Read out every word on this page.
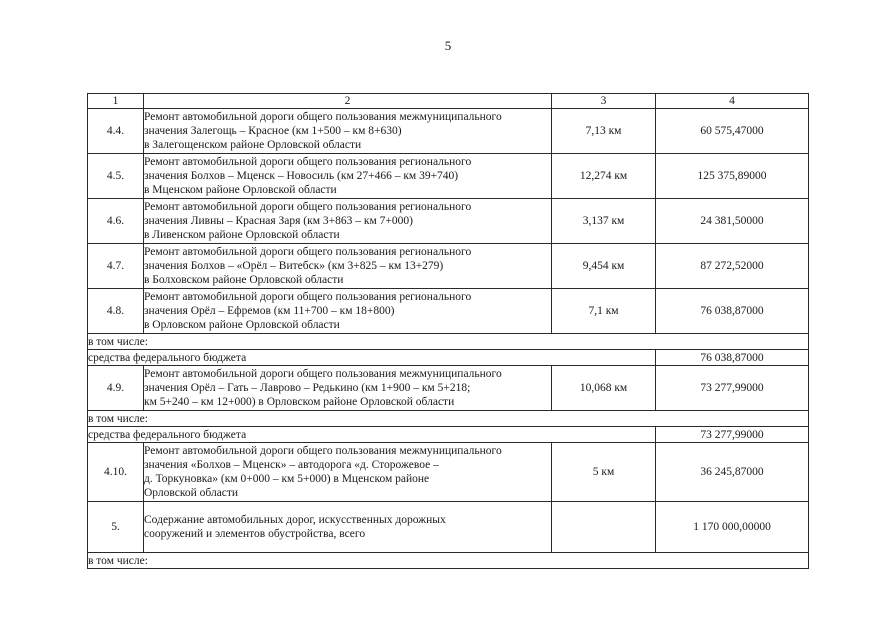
5
1	2	3	4
4.4.	Ремонт автомобильной дороги общего пользования межмуниципального
значения Залегощь – Красное (км 1+500 – км 8+630)
в Залегощенском районе Орловской области	7,13 км	60 575,47000
4.5.	Ремонт автомобильной дороги общего пользования регионального
значения Болхов – Мценск – Новосиль (км 27+466 – км 39+740)
в Мценском районе Орловской области	12,274 км	125 375,89000
4.6.	Ремонт автомобильной дороги общего пользования регионального
значения Ливны – Красная Заря (км 3+863 – км 7+000)
в Ливенском районе Орловской области	3,137 км	24 381,50000
4.7.	Ремонт автомобильной дороги общего пользования регионального
значения Болхов – «Орёл – Витебск» (км 3+825 – км 13+279)
в Болховском районе Орловской области	9,454 км	87 272,52000
4.8.	Ремонт автомобильной дороги общего пользования регионального
значения Орёл – Ефремов (км 11+700 – км 18+800)
в Орловском районе Орловской области	7,1 км	76 038,87000
в том числе:			
средства федерального бюджета			76 038,87000
4.9.	Ремонт автомобильной дороги общего пользования межмуниципального
значения Орёл – Гать – Лаврово – Редькино (км 1+900 – км 5+218;
км 5+240 – км 12+000) в Орловском районе Орловской области	10,068 км	73 277,99000
в том числе:			
средства федерального бюджета			73 277,99000
4.10.	Ремонт автомобильной дороги общего пользования межмуниципального
значения «Болхов – Мценск» – автодорога «д. Сторожевое –
д. Торкуновка» (км 0+000 – км 5+000) в Мценском районе
Орловской области	5 км	36 245,87000
5.	Содержание автомобильных дорог, искусственных дорожных
сооружений и элементов обустройства, всего		1 170 000,00000
в том числе:			
